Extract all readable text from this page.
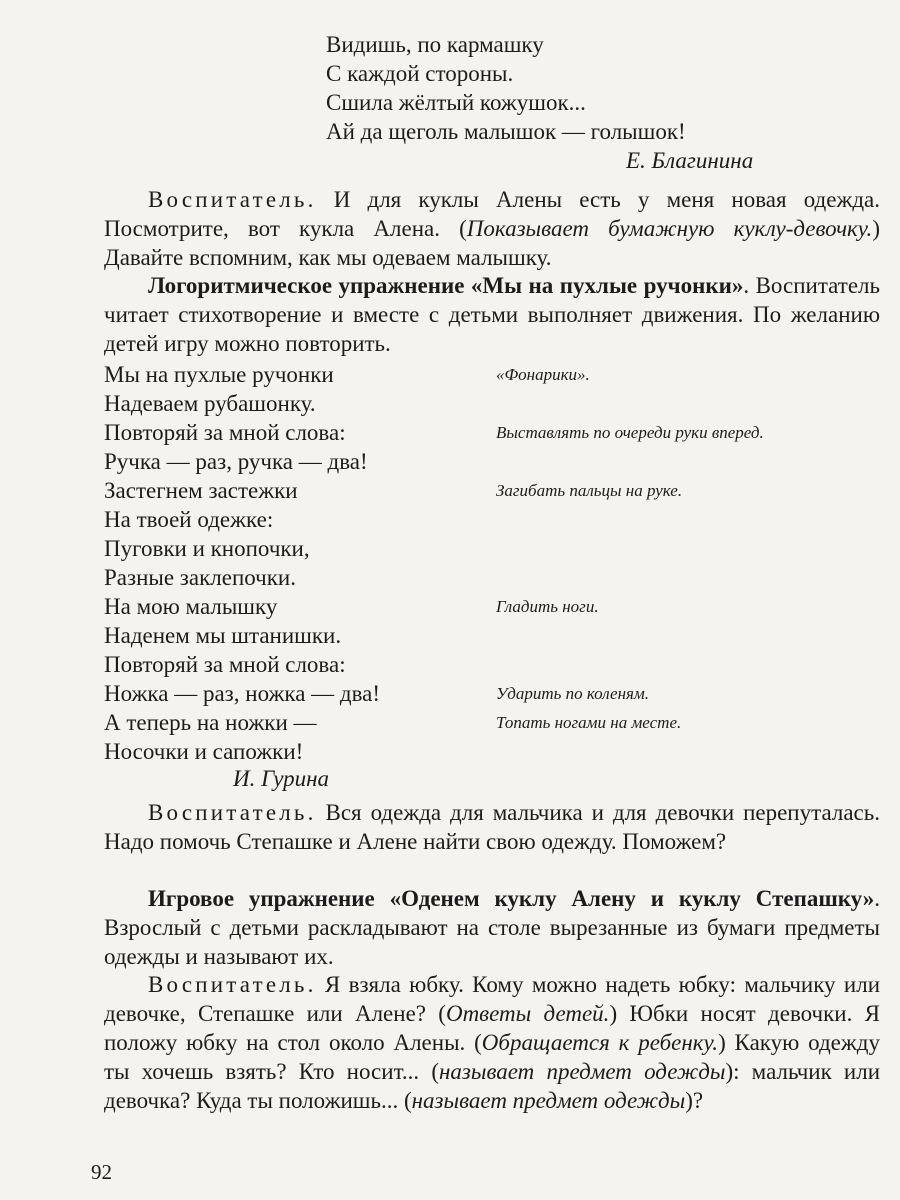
Видишь, по кармашку
С каждой стороны.
Сшила жёлтый кожушок...
Ай да щеголь малышок — голышок!
Е. Благинина

Воспитатель. И для куклы Алены есть у меня новая одежда. Посмотрите, вот кукла Алена. (Показывает бумажную куклу-девочку.) Давайте вспомним, как мы одеваем малышку.

Логоритмическое упражнение «Мы на пухлые ручонки». Воспитатель читает стихотворение и вместе с детьми выполняет движения. По желанию детей игру можно повторить.

Мы на пухлые ручонки	«Фонарики».
Надеваем рубашонку.
Повторяй за мной слова:	Выставлять по очереди руки вперед.
Ручка — раз, ручка — два!
Застегнем застежки	Загибать пальцы на руке.
На твоей одежке:
Пуговки и кнопочки,
Разные заклепочки.
На мою малышку	Гладить ноги.
Наденем мы штанишки.
Повторяй за мной слова:
Ножка — раз, ножка — два!	Ударить по коленям.
А теперь на ножки —	Топать ногами на месте.
Носочки и сапожки!
И. Гурина

Воспитатель. Вся одежда для мальчика и для девочки перепуталась. Надо помочь Степашке и Алене найти свою одежду. Поможем?

Игровое упражнение «Оденем куклу Алену и куклу Степашку». Взрослый с детьми раскладывают на столе вырезанные из бумаги предметы одежды и называют их.

Воспитатель. Я взяла юбку. Кому можно надеть юбку: мальчику или девочке, Степашке или Алене? (Ответы детей.) Юбки носят девочки. Я положу юбку на стол около Алены. (Обращается к ребенку.) Какую одежду ты хочешь взять? Кто носит... (называет предмет одежды): мальчик или девочка? Куда ты положишь... (называет предмет одежды)?

92
